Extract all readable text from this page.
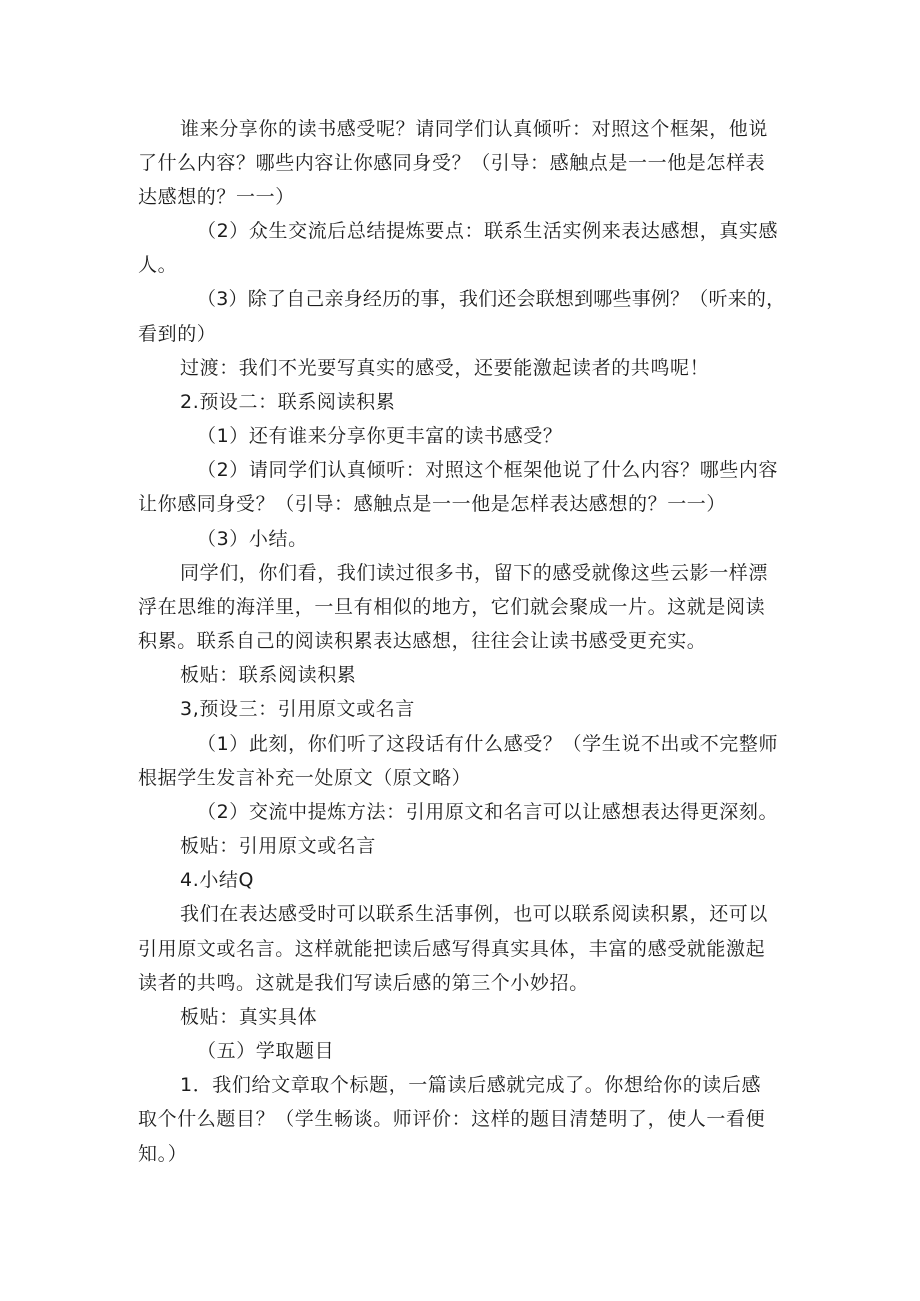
谁来分享你的读书感受呢？请同学们认真倾听：对照这个框架，他说
了什么内容？哪些内容让你感同身受？（引导：感触点是一一他是怎样表
达感想的？一一）
（2）众生交流后总结提炼要点：联系生活实例来表达感想，真实感
人。
（3）除了自己亲身经历的事，我们还会联想到哪些事例？（听来的，
看到的）
过渡：我们不光要写真实的感受，还要能激起读者的共鸣呢！
2.预设二：联系阅读积累
（1）还有谁来分享你更丰富的读书感受？
（2）请同学们认真倾听：对照这个框架他说了什么内容？哪些内容
让你感同身受？（引导：感触点是一一他是怎样表达感想的？一一）
（3）小结。
同学们，你们看，我们读过很多书，留下的感受就像这些云影一样漂
浮在思维的海洋里，一旦有相似的地方，它们就会聚成一片。这就是阅读
积累。联系自己的阅读积累表达感想，往往会让读书感受更充实。
板贴：联系阅读积累
3,预设三：引用原文或名言
（1）此刻，你们听了这段话有什么感受？（学生说不出或不完整师
根据学生发言补充一处原文（原文略）
（2）交流中提炼方法：引用原文和名言可以让感想表达得更深刻。
板贴：引用原文或名言
4.小结Q
我们在表达感受时可以联系生活事例，也可以联系阅读积累，还可以
引用原文或名言。这样就能把读后感写得真实具体，丰富的感受就能激起
读者的共鸣。这就是我们写读后感的第三个小妙招。
板贴：真实具体
（五）学取题目
1．我们给文章取个标题，一篇读后感就完成了。你想给你的读后感
取个什么题目？（学生畅谈。师评价：这样的题目清楚明了，使人一看便
知。）
